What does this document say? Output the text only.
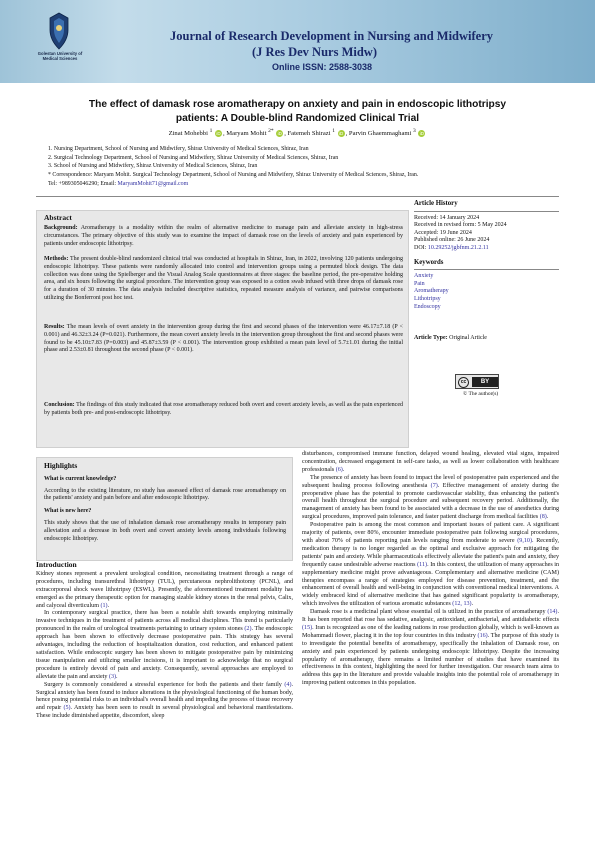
Golestan University of Medical Sciences
Journal of Research Development in Nursing and Midwifery
(J Res Dev Nurs Midw)
Online ISSN: 2588-3038
The effect of damask rose aromatherapy on anxiety and pain in endoscopic lithotripsy
patients: A Double-blind Randomized Clinical Trial
Zinat Mohebbi $^1$ iD , Maryam Mohit $^{2*}$ iD , Fatemeh Shirazi $^1$ iD , Parvin Ghaemmaghami $^3$ iD
1. Nursing Department, School of Nursing and Midwifery, Shiraz University of Medical Sciences, Shiraz, Iran
2. Surgical Technology Department, School of Nursing and Midwifery, Shiraz University of Medical Sciences, Shiraz, Iran
3. School of Nursing and Midwifery, Shiraz University of Medical Sciences, Shiraz, Iran
* Correspondence: Maryam Mohit. Surgical Technology Department, School of Nursing and Midwifery, Shiraz University of Medical Sciences, Shiraz, Iran.
Tel: +989305046290; Email: MaryamMohit71@gmail.com
Abstract
Background: Aromatherapy is a modality within the realm of alternative medicine to manage pain and alleviate anxiety in high-stress circumstances. The primary objective of this study was to examine the impact of damask rose on the levels of anxiety and pain experienced by patients under endoscopic lithotripsy.
Methods: The present double-blind randomized clinical trial was conducted at hospitals in Shiraz, Iran, in 2022, involving 120 patients undergoing endoscopic lithotripsy. These patients were randomly allocated into control and intervention groups using a permuted block design. The data collection was done using the Spielberger and the Visual Analog Scale questionnaires at three stages: the baseline period, the pre-operative holding area, and six hours following the surgical procedure. The intervention group was exposed to a cotton swab infused with three drops of damask rose for a duration of 30 minutes. The data analysis included descriptive statistics, repeated measure analysis of variance, and pairwise comparisons utilizing the Bonferroni post hoc test.
Results: The mean levels of overt anxiety in the intervention group during the first and second phases of the intervention were 46.17±7.18 (P < 0.001) and 46.32±3.24 (P=0.021). Furthermore, the mean covert anxiety levels in the intervention group throughout the first and second phases were found to be 45.10±7.83 (P=0.003) and 45.87±3.59 (P < 0.001). The intervention group exhibited a mean pain level of 5.7±1.01 during the initial phase and 2.53±0.81 throughout the second phase (P < 0.001).
Conclusion: The findings of this study indicated that rose aromatherapy reduced both overt and covert anxiety levels, as well as the pain experienced by patients both pre- and post-endoscopic lithotripsy.
Article History
Received: 14 January 2024
Received in revised form: 5 May 2024
Accepted: 19 June 2024
Published online: 26 June 2024
DOI: 10.29252/jgbfnm.21.2.11
Keywords
Anxiety
Pain
Aromatherapy
Lithotripsy
Endoscopy
Article Type: Original Article
cc	BY
© The author(s)
Highlights
What is current knowledge?

According to the existing literature, no study has assessed effect of damask rose aromatherapy on the patients' anxiety and pain before and after endoscopic lithotripsy.

What is new here?

This study shows that the use of inhalation damask rose aromatherapy results in temporary pain alleviation and a decrease in both overt and covert anxiety levels among individuals following endoscopic lithotripsy.

Introduction

Kidney stones represent a prevalent urological condition, necessitating treatment through a range of procedures, including transurethral lithotripsy (TUL), percutaneous nephrolithotomy (PCNL), and extracorporeal shock wave lithotripsy (ESWL). Presently, the aforementioned treatment modality has emerged as the primary therapeutic option for managing sizable kidney stones in the renal pelvis, Calix, and calyceal diverticulum (1).

In contemporary surgical practice, there has been a notable shift towards employing minimally invasive techniques in the treatment of patients across all medical disciplines. This trend is particularly pronounced in the realm of urological treatments pertaining to urinary system stones (2). The endoscopic approach has been shown to effectively decrease postoperative pain. This strategy has several advantages, including the reduction of hospitalization duration, cost reduction, and enhanced patient satisfaction. While endoscopic surgery has been shown to mitigate postoperative pain by minimizing tissue manipulation and utilizing smaller incisions, it is important to acknowledge that no surgical procedure is entirely devoid of pain and anxiety. Consequently, several approaches are employed to alleviate the pain and anxiety (3).

Surgery is commonly considered a stressful experience for both the patients and their family (4). Surgical anxiety has been found to induce alterations in the physiological functioning of the human body, hence posing potential risks to an individual's overall health and impeding the process of tissue recovery and repair (5). Anxiety has been seen to result in several physiological and behavioral manifestations. These include diminished appetite, discomfort, sleep

disturbances, compromised immune function, delayed wound healing, elevated vital signs, impaired concentration, decreased engagement in self-care tasks, as well as lower collaboration with healthcare professionals (6).

The presence of anxiety has been found to impact the level of postoperative pain experienced and the subsequent healing process following anesthesia (7). Effective management of anxiety during the preoperative phase has the potential to promote cardiovascular stability, thus enhancing the patient's overall health throughout the surgical procedure and subsequent recovery period. Additionally, the management of anxiety has been found to be associated with a decrease in the use of anesthetics during surgical procedures, improved pain tolerance, and faster patient discharge from medical facilities (8).

Postoperative pain is among the most common and important issues of patient care. A significant majority of patients, over 80%, encounter immediate postoperative pain following surgical procedures, with about 70% of patients reporting pain levels ranging from moderate to severe (9,10). Recently, medication therapy is no longer regarded as the optimal and exclusive approach for mitigating the patients' pain and anxiety. While pharmaceuticals effectively alleviate the patient's pain and anxiety, they frequently cause undesirable adverse reactions (11). In this context, the utilization of many approaches in supplementary medicine might prove advantageous. Complementary and alternative medicine (CAM) therapies encompass a range of strategies employed for disease prevention, treatment, and the enhancement of overall health and well-being in conjunction with conventional medical interventions. A widely embraced kind of alternative medicine that has gained significant popularity is aromatherapy, which involves the utilization of various aromatic substances (12, 13).

Damask rose is a medicinal plant whose essential oil is utilized in the practice of aromatherapy (14). It has been reported that rose has sedative, analgesic, antioxidant, antibacterial, and antidiabetic effects (15). Iran is recognized as one of the leading nations in rose production globally, which is well-known as Mohammadi flower, placing it in the top four countries in this industry (16). The purpose of this study is to investigate the potential benefits of aromatherapy, specifically the inhalation of Damask rose, on anxiety and pain experienced by patients undergoing endoscopic lithotripsy. Despite the increasing popularity of aromatherapy, there remains a limited number of studies that have examined its effectiveness in this context, highlighting the need for further investigation. Our research team aims to address this gap in the literature and provide valuable insights into the potential role of aromatherapy in improving patient outcomes in this population.
